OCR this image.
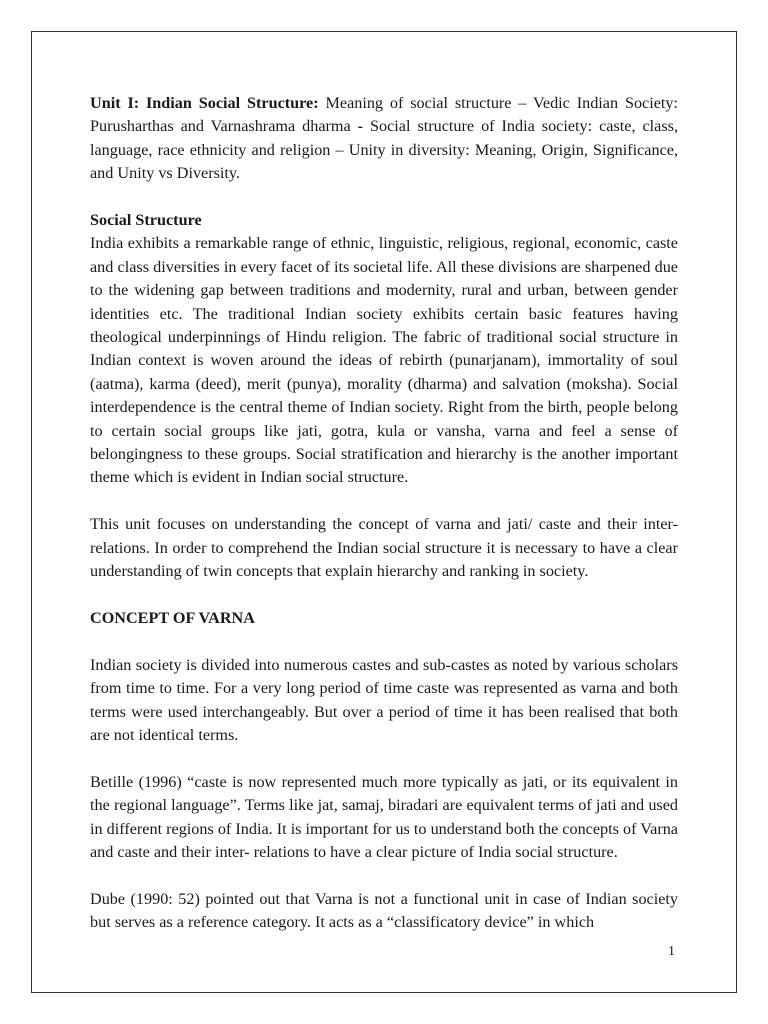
Unit I: Indian Social Structure: Meaning of social structure – Vedic Indian Society: Purusharthas and Varnashrama dharma - Social structure of India society: caste, class, language, race ethnicity and religion – Unity in diversity: Meaning, Origin, Significance, and Unity vs Diversity.

Social Structure

India exhibits a remarkable range of ethnic, linguistic, religious, regional, economic, caste and class diversities in every facet of its societal life. All these divisions are sharpened due to the widening gap between traditions and modernity, rural and urban, between gender identities etc. The traditional Indian society exhibits certain basic features having theological underpinnings of Hindu religion. The fabric of traditional social structure in Indian context is woven around the ideas of rebirth (punarjanam), immortality of soul (aatma), karma (deed), merit (punya), morality (dharma) and salvation (moksha). Social interdependence is the central theme of Indian society. Right from the birth, people belong to certain social groups like jati, gotra, kula or vansha, varna and feel a sense of belongingness to these groups. Social stratification and hierarchy is the another important theme which is evident in Indian social structure.

This unit focuses on understanding the concept of varna and jati/ caste and their inter-relations. In order to comprehend the Indian social structure it is necessary to have a clear understanding of twin concepts that explain hierarchy and ranking in society.

CONCEPT OF VARNA

Indian society is divided into numerous castes and sub-castes as noted by various scholars from time to time. For a very long period of time caste was represented as varna and both terms were used interchangeably. But over a period of time it has been realised that both are not identical terms.

Betille (1996) “caste is now represented much more typically as jati, or its equivalent in the regional language”. Terms like jat, samaj, biradari are equivalent terms of jati and used in different regions of India. It is important for us to understand both the concepts of Varna and caste and their inter- relations to have a clear picture of India social structure.

Dube (1990: 52) pointed out that Varna is not a functional unit in case of Indian society but serves as a reference category. It acts as a “classificatory device” in which

1
